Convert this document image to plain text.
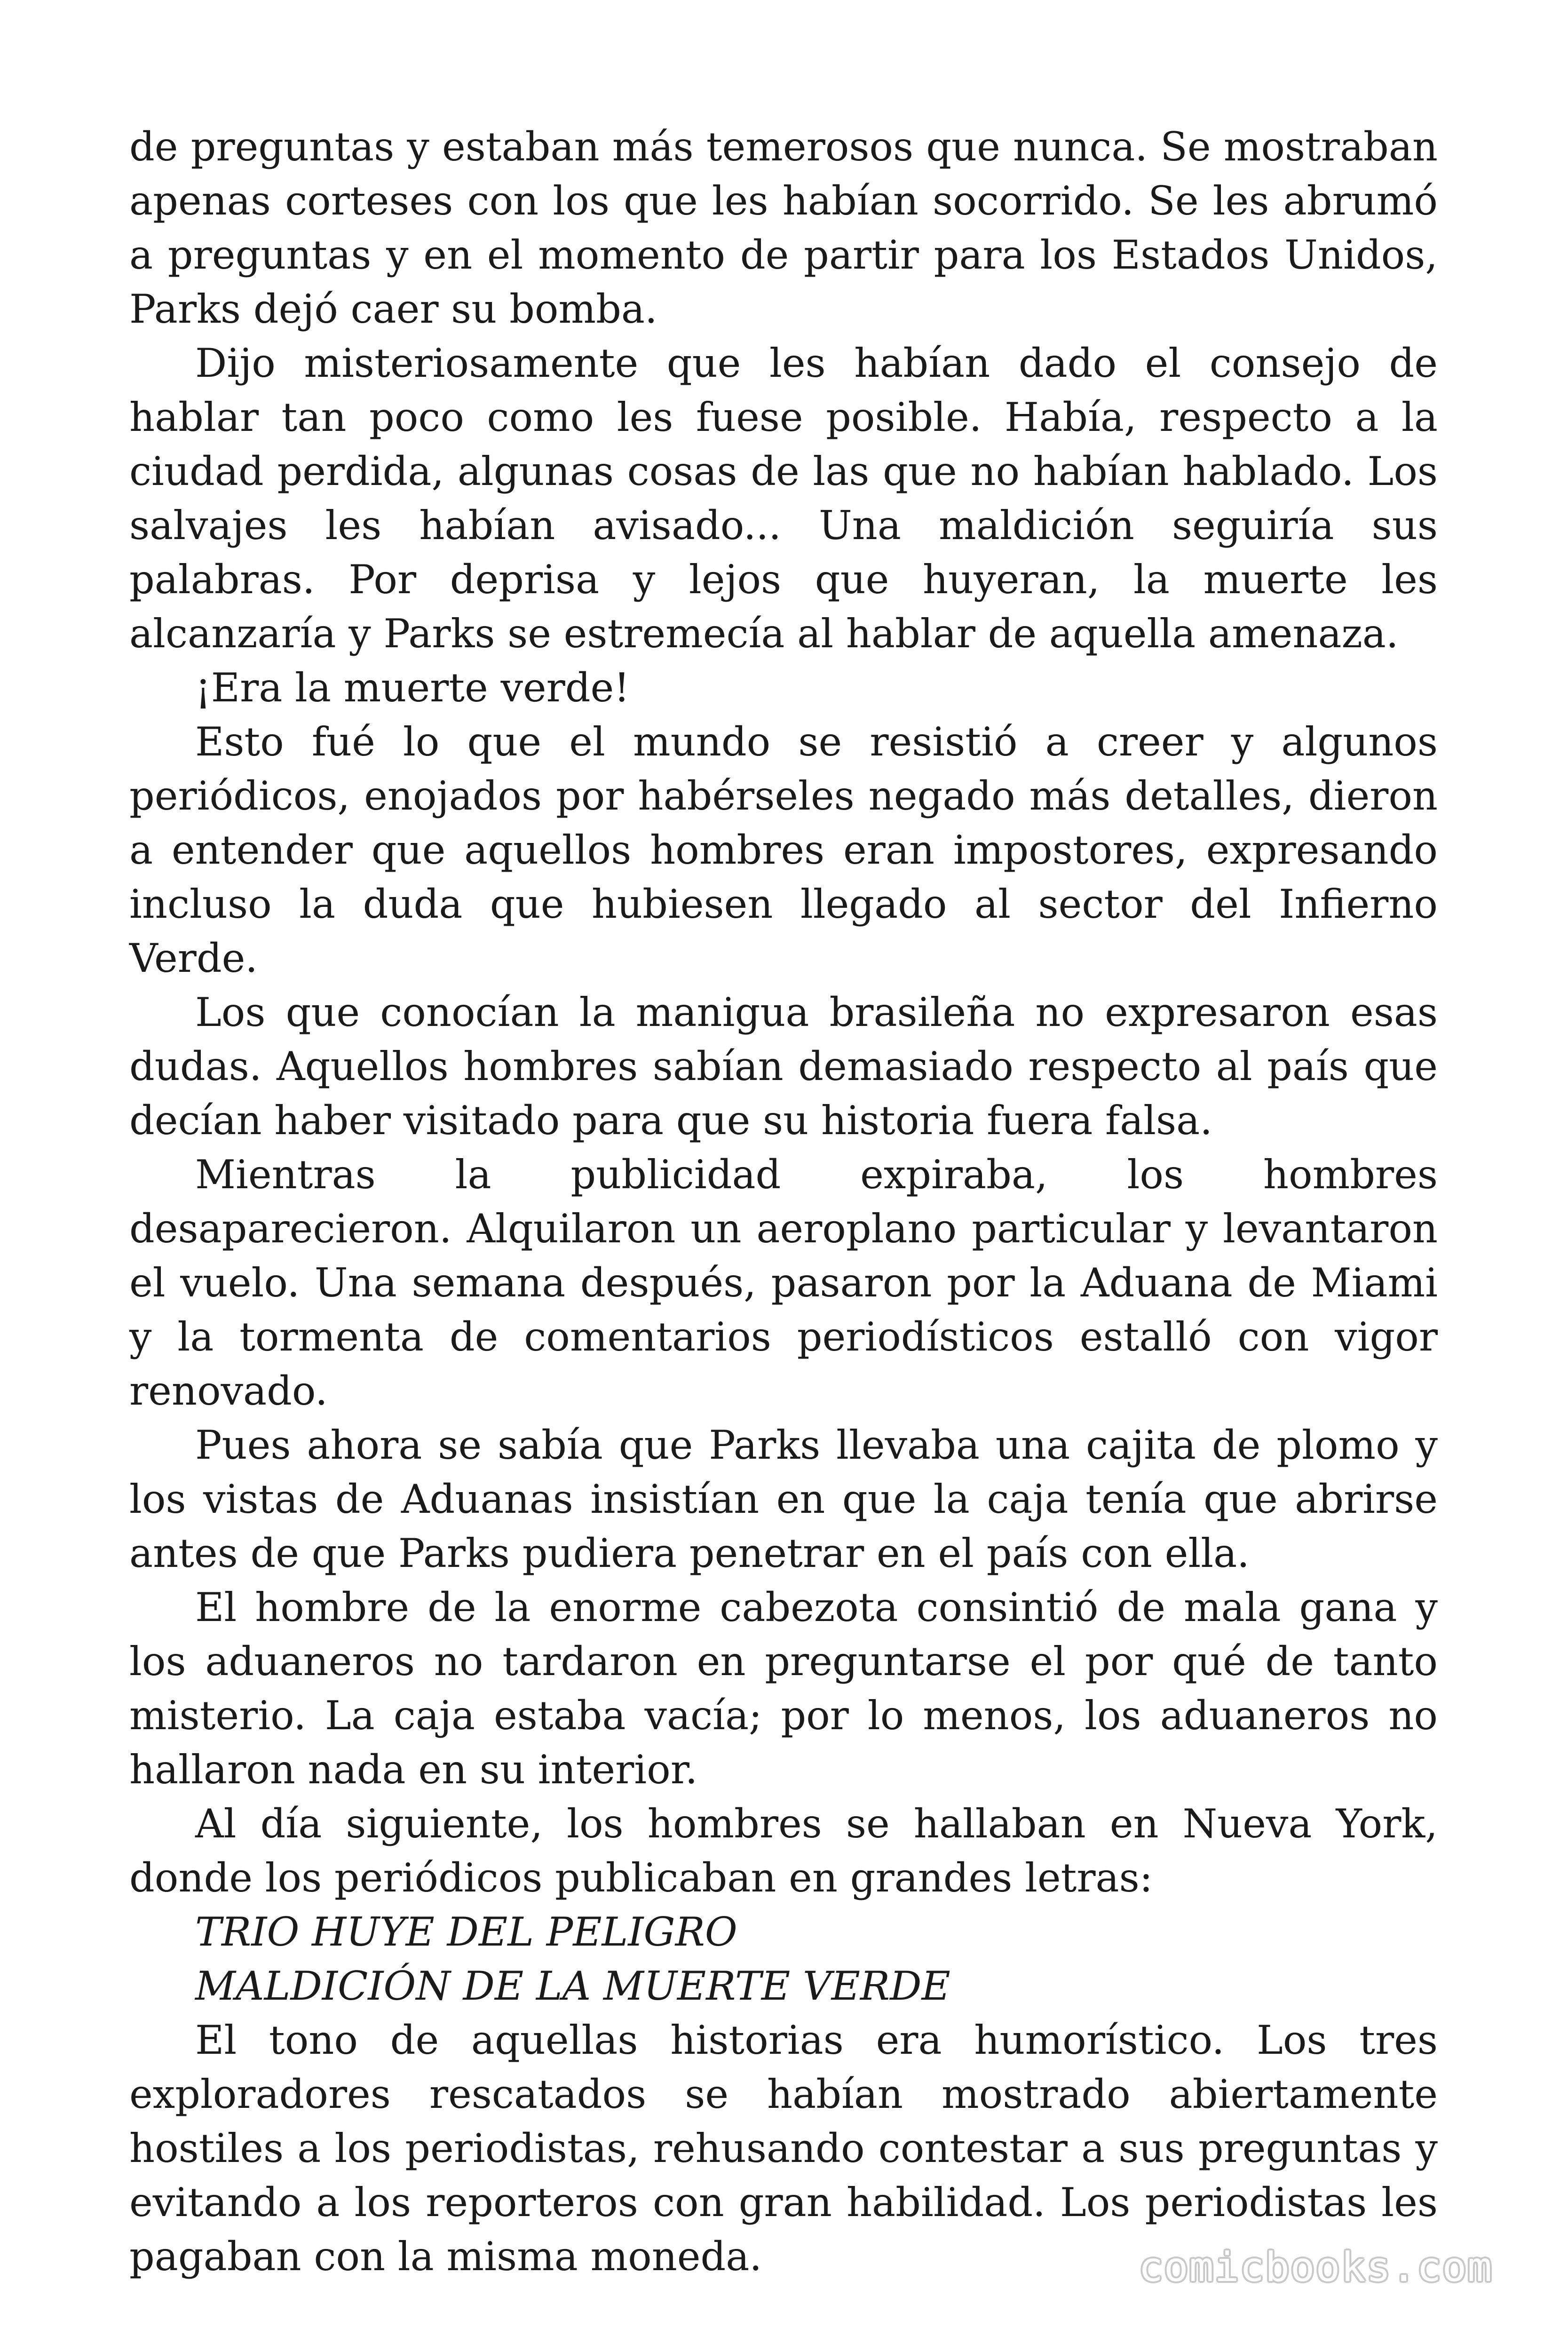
de preguntas y estaban más temerosos que nunca. Se mostraban apenas corteses con los que les habían socorrido. Se les abrumó a preguntas y en el momento de partir para los Estados Unidos, Parks dejó caer su bomba.

Dijo misteriosamente que les habían dado el consejo de hablar tan poco como les fuese posible. Había, respecto a la ciudad perdida, algunas cosas de las que no habían hablado. Los salvajes les habían avisado... Una maldición seguiría sus palabras. Por deprisa y lejos que huyeran, la muerte les alcanzaría y Parks se estremecía al hablar de aquella amenaza.

¡Era la muerte verde!

Esto fué lo que el mundo se resistió a creer y algunos periódicos, enojados por habérseles negado más detalles, dieron a entender que aquellos hombres eran impostores, expresando incluso la duda que hubiesen llegado al sector del Infierno Verde.

Los que conocían la manigua brasileña no expresaron esas dudas. Aquellos hombres sabían demasiado respecto al país que decían haber visitado para que su historia fuera falsa.

Mientras la publicidad expiraba, los hombres desaparecieron. Alquilaron un aeroplano particular y levantaron el vuelo. Una semana después, pasaron por la Aduana de Miami y la tormenta de comentarios periodísticos estalló con vigor renovado.

Pues ahora se sabía que Parks llevaba una cajita de plomo y los vistas de Aduanas insistían en que la caja tenía que abrirse antes de que Parks pudiera penetrar en el país con ella.

El hombre de la enorme cabezota consintió de mala gana y los aduaneros no tardaron en preguntarse el por qué de tanto misterio. La caja estaba vacía; por lo menos, los aduaneros no hallaron nada en su interior.

Al día siguiente, los hombres se hallaban en Nueva York, donde los periódicos publicaban en grandes letras:

TRIO HUYE DEL PELIGRO

MALDICIÓN DE LA MUERTE VERDE

El tono de aquellas historias era humorístico. Los tres exploradores rescatados se habían mostrado abiertamente hostiles a los periodistas, rehusando contestar a sus preguntas y evitando a los reporteros con gran habilidad. Los periodistas les pagaban con la misma moneda.	comicbooks.com
